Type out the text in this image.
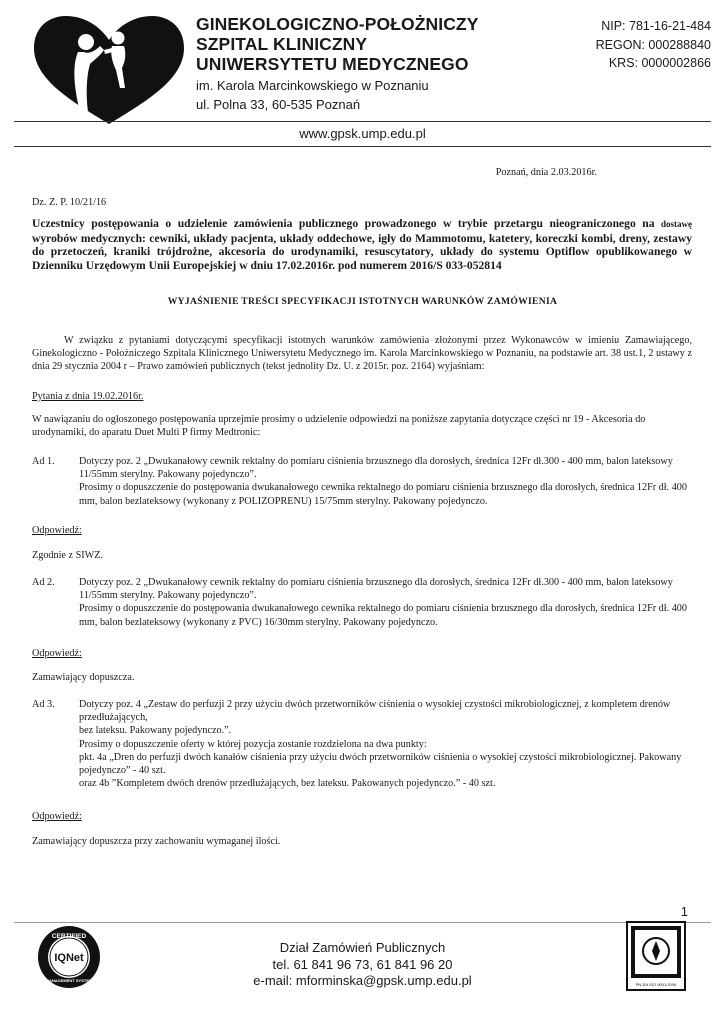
GINEKOLOGICZNO-POŁOŻNICZY
SZPITAL KLINICZNY
UNIWERSYTETU MEDYCZNEGO
im. Karola Marcinkowskiego w Poznaniu
ul. Polna 33, 60-535 Poznań
NIP: 781-16-21-484
REGON: 000288840
KRS: 0000002866
www.gpsk.ump.edu.pl
Poznań, dnia 2.03.2016r.
Dz. Z. P. 10/21/16
Uczestnicy postępowania o udzielenie zamówienia publicznego prowadzonego w trybie przetargu nieograniczonego na dostawę wyrobów medycznych: cewniki, układy pacjenta, układy oddechowe, igły do Mammotomu, katetery, koreczki kombi, dreny, zestawy do przetoczeń, kraniki trójdrożne, akcesoria do urodynamiki, resuscytatory, układy do systemu Optiflow opublikowanego w Dzienniku Urzędowym Unii Europejskiej w dniu 17.02.2016r. pod numerem 2016/S 033-052814
WYJAŚNIENIE TREŚCI SPECYFIKACJI ISTOTNYCH WARUNKÓW ZAMÓWIENIA
W związku z pytaniami dotyczącymi specyfikacji istotnych warunków zamówienia złożonymi przez Wykonawców w imieniu Zamawiającego, Ginekologiczno - Położniczego Szpitala Klinicznego Uniwersytetu Medycznego im. Karola Marcinkowskiego w Poznaniu, na podstawie art. 38 ust.1, 2 ustawy z dnia 29 stycznia 2004 r – Prawo zamówień publicznych (tekst jednolity Dz. U. z 2015r. poz. 2164) wyjaśniam:
Pytania z dnia 19.02.2016r.
W nawiązaniu do ogłoszonego postępowania uprzejmie prosimy o udzielenie odpowiedzi na poniższe zapytania dotyczące części nr 19 - Akcesoria do urodynamiki, do aparatu Duet Multi P firmy Medtronic:
Ad 1. Dotyczy poz. 2 „Dwukanałowy cewnik rektalny do pomiaru ciśnienia brzusznego dla dorosłych, średnica 12Fr dł.300 - 400 mm, balon lateksowy 11/55mm sterylny. Pakowany pojedynczo”.
Prosimy o dopuszczenie do postępowania dwukanałowego cewnika rektalnego do pomiaru ciśnienia brzusznego dla dorosłych, średnica 12Fr dł. 400 mm, balon bezlateksowy (wykonany z POLIZOPRENU) 15/75mm sterylny. Pakowany pojedynczo.
Odpowiedź:
Zgodnie z SIWZ.
Ad 2. Dotyczy poz. 2 „Dwukanałowy cewnik rektalny do pomiaru ciśnienia brzusznego dla dorosłych, średnica 12Fr dł.300 - 400 mm, balon lateksowy 11/55mm sterylny. Pakowany pojedynczo”.
Prosimy o dopuszczenie do postępowania dwukanałowego cewnika rektalnego do pomiaru ciśnienia brzusznego dla dorosłych, średnica 12Fr dł. 400 mm, balon bezlateksowy (wykonany z PVC) 16/30mm sterylny. Pakowany pojedynczo.
Odpowiedź:
Zamawiający dopuszcza.
Ad 3. Dotyczy poz. 4 „Zestaw do perfuzji 2 przy użyciu dwóch przetworników ciśnienia o wysokiej czystości mikrobiologicznej, z kompletem drenów przedłużających,
bez lateksu. Pakowany pojedynczo.”.
Prosimy o dopuszczenie oferty w której pozycja zostanie rozdzielona na dwa punkty:
pkt. 4a „Dren do perfuzji dwóch kanałów ciśnienia przy użyciu dwóch przetworników ciśnienia o wysokiej czystości mikrobiologicznej. Pakowany pojedynczo” - 40 szt.
oraz 4b ”Kompletem dwóch drenów przedłużających, bez lateksu. Pakowanych pojedynczo.” - 40 szt.
Odpowiedź:
Zamawiający dopuszcza przy zachowaniu wymaganej ilości.
1
CERTIFIED
IQNet
MANAGEMENT SYSTEM
Dział Zamówień Publicznych
tel. 61 841 96 73, 61 841 96 20
e-mail: mforminska@gpsk.ump.edu.pl	PN-EN ISO 9001:2009
